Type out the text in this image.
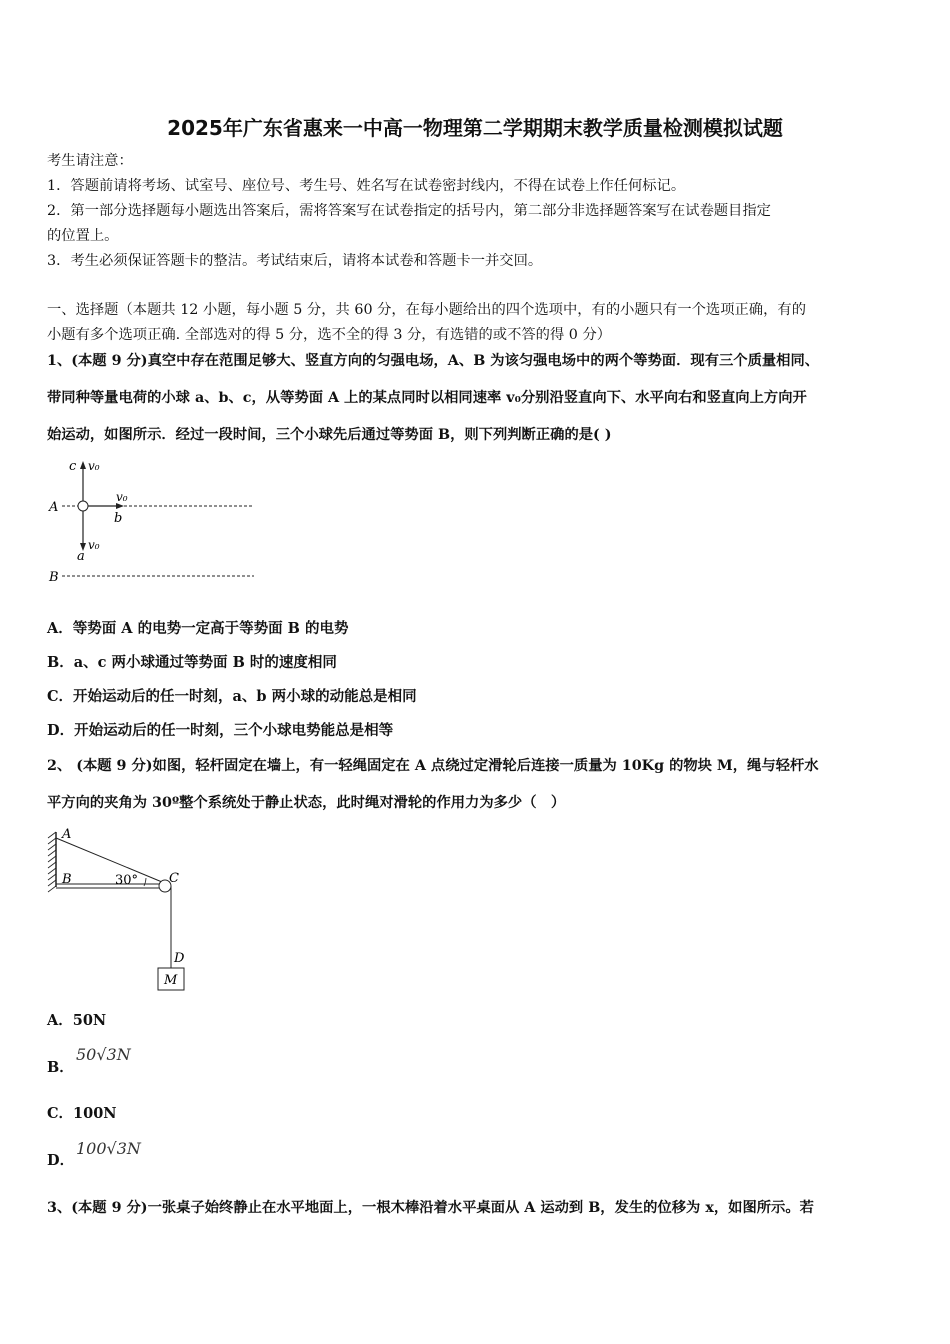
2025年广东省惠来一中高一物理第二学期期末教学质量检测模拟试题
考生请注意：
1．答题前请将考场、试室号、座位号、考生号、姓名写在试卷密封线内，不得在试卷上作任何标记。
2．第一部分选择题每小题选出答案后，需将答案写在试卷指定的括号内，第二部分非选择题答案写在试卷题目指定
的位置上。
3．考生必须保证答题卡的整洁。考试结束后，请将本试卷和答题卡一并交回。
一、选择题（本题共 12 小题，每小题 5 分，共 60 分，在每小题给出的四个选项中，有的小题只有一个选项正确，有的
小题有多个选项正确. 全部选对的得 5 分，选不全的得 3 分，有选错的或不答的得 0 分）
1、(本题 9 分)真空中存在范围足够大、竖直方向的匀强电场，A、B 为该匀强电场中的两个等势面．现有三个质量相同、
带同种等量电荷的小球 a、b、c，从等势面 A 上的某点同时以相同速率 v₀分别沿竖直向下、水平向右和竖直向上方向开
始运动，如图所示．经过一段时间，三个小球先后通过等势面 B，则下列判断正确的是( )
c v₀
A
v₀
b
v₀
a
B
A．等势面 A 的电势一定高于等势面 B 的电势
B．a、c 两小球通过等势面 B 时的速度相同
C．开始运动后的任一时刻，a、b 两小球的动能总是相同
D．开始运动后的任一时刻，三个小球电势能总是相等
2、 (本题 9 分)如图，轻杆固定在墙上，有一轻绳固定在 A 点绕过定滑轮后连接一质量为 10Kg 的物块 M，绳与轻杆水
平方向的夹角为 30º整个系统处于静止状态，此时绳对滑轮的作用力为多少（　）
A
B	30° C
D
M
A．50N
B．
50√3N
C．100N
D．
100√3N
3、(本题 9 分)一张桌子始终静止在水平地面上，一根木棒沿着水平桌面从 A 运动到 B，发生的位移为 x，如图所示。若
